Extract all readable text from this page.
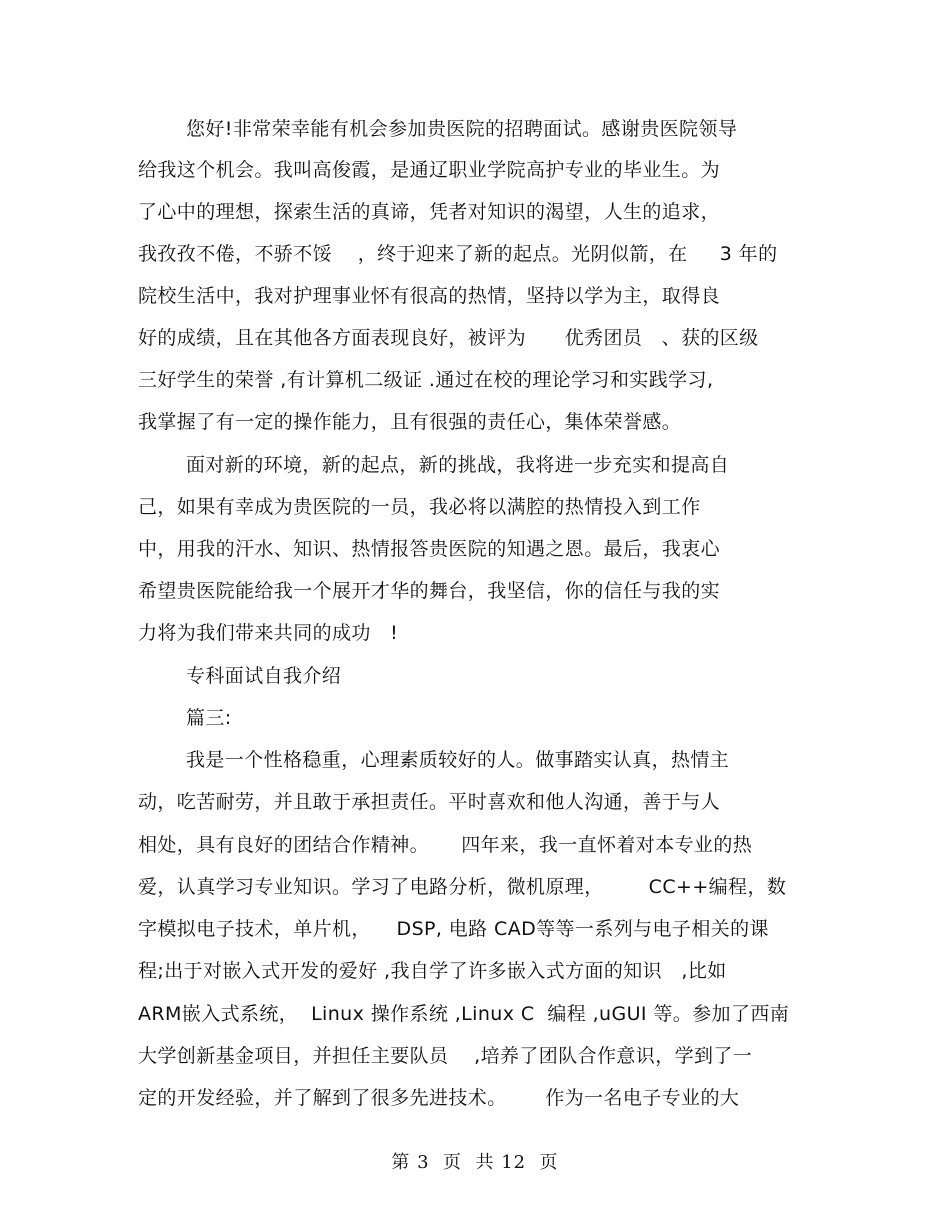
您好!非常荣幸能有机会参加贵医院的招聘面试。感谢贵医院领导
给我这个机会。我叫高俊霞，是通辽职业学院高护专业的毕业生。为
了心中的理想，探索生活的真谛，凭者对知识的渴望，人生的追求，
我孜孜不倦，不骄不馁    ，终于迎来了新的起点。光阴似箭，在     3 年的
院校生活中，我对护理事业怀有很高的热情，坚持以学为主，取得良
好的成绩，且在其他各方面表现良好，被评为      优秀团员   、获的区级
三好学生的荣誉 ,有计算机二级证 .通过在校的理论学习和实践学习,
我掌握了有一定的操作能力，且有很强的责任心，集体荣誉感。
面对新的环境，新的起点，新的挑战，我将进一步充实和提高自
己，如果有幸成为贵医院的一员，我必将以满腔的热情投入到工作
中，用我的汗水、知识、热情报答贵医院的知遇之恩。最后，我衷心
希望贵医院能给我一个展开才华的舞台，我坚信，你的信任与我的实
力将为我们带来共同的成功   !
专科面试自我介绍
篇三:
我是一个性格稳重，心理素质较好的人。做事踏实认真，热情主
动，吃苦耐劳，并且敢于承担责任。平时喜欢和他人沟通，善于与人
相处，具有良好的团结合作精神。     四年来，我一直怀着对本专业的热
爱，认真学习专业知识。学习了电路分析，微机原理，       CC++编程，数
字模拟电子技术，单片机，    DSP, 电路 CAD等等一系列与电子相关的课
程;出于对嵌入式开发的爱好 ,我自学了许多嵌入式方面的知识   ,比如
ARM嵌入式系统，  Linux 操作系统 ,Linux C  编程 ,uGUI 等。参加了西南
大学创新基金项目，并担任主要队员    ,培养了团队合作意识，学到了一
定的开发经验，并了解到了很多先进技术。      作为一名电子专业的大
第 3  页  共 12  页
